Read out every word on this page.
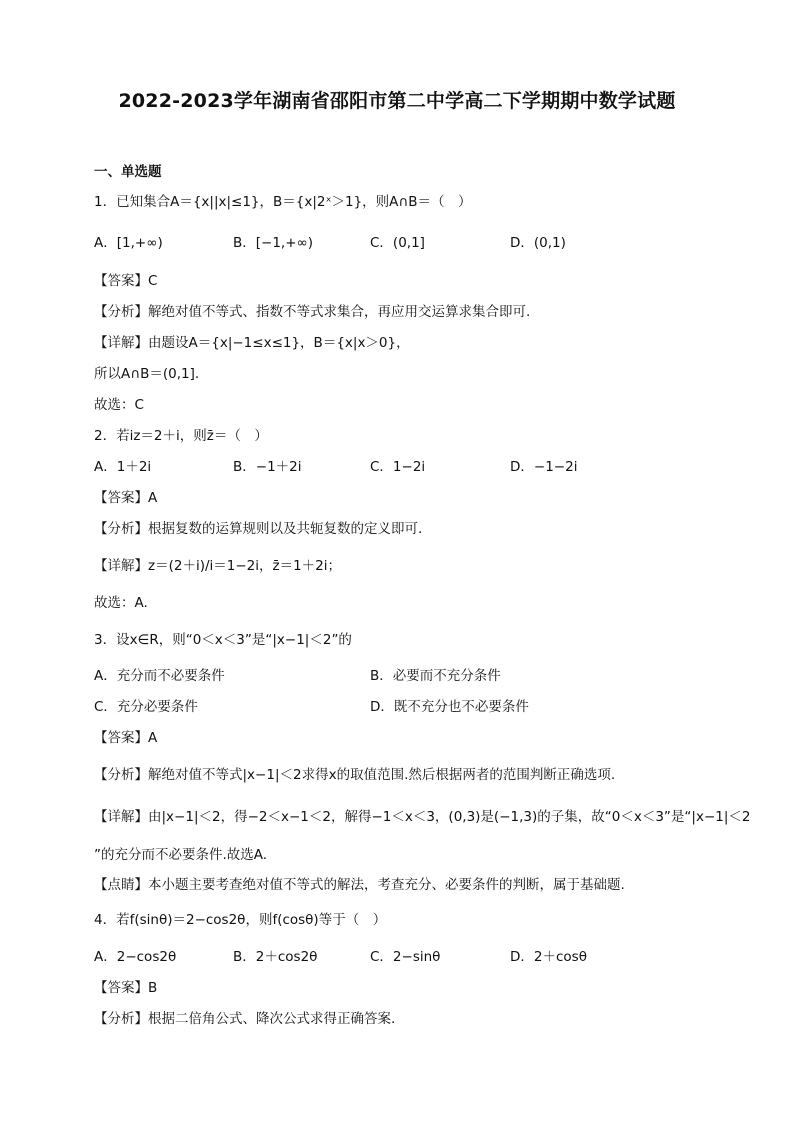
2022-2023学年湖南省邵阳市第二中学高二下学期期中数学试题
一、单选题
1．已知集合A＝{x||x|≤1}，B＝{x|2ˣ＞1}，则A∩B＝（　）
A．[1,+∞)	B．[−1,+∞)	C．(0,1]	D．(0,1)
【答案】C
【分析】解绝对值不等式、指数不等式求集合，再应用交运算求集合即可.
【详解】由题设A＝{x|−1≤x≤1}，B＝{x|x＞0}，
所以A∩B＝(0,1].
故选：C
2．若iz＝2＋i，则z̄＝（　）
A．1＋2i	B．−1＋2i	C．1−2i	D．−1−2i
【答案】A
【分析】根据复数的运算规则以及共轭复数的定义即可.
【详解】z＝(2＋i)/i＝1−2i，z̄＝1＋2i；
故选：A.
3．设x∈R，则“0＜x＜3”是“|x−1|＜2”的
A．充分而不必要条件	B．必要而不充分条件
C．充分必要条件	D．既不充分也不必要条件
【答案】A
【分析】解绝对值不等式|x−1|＜2求得x的取值范围.然后根据两者的范围判断正确选项.
【详解】由|x−1|＜2，得−2＜x−1＜2，解得−1＜x＜3，(0,3)是(−1,3)的子集，故“0＜x＜3”是“|x−1|＜2
”的充分而不必要条件.故选A.
【点睛】本小题主要考查绝对值不等式的解法，考查充分、必要条件的判断，属于基础题.
4．若f(sinθ)＝2−cos2θ，则f(cosθ)等于（　）
A．2−cos2θ	B．2＋cos2θ	C．2−sinθ	D．2＋cosθ
【答案】B
【分析】根据二倍角公式、降次公式求得正确答案.
